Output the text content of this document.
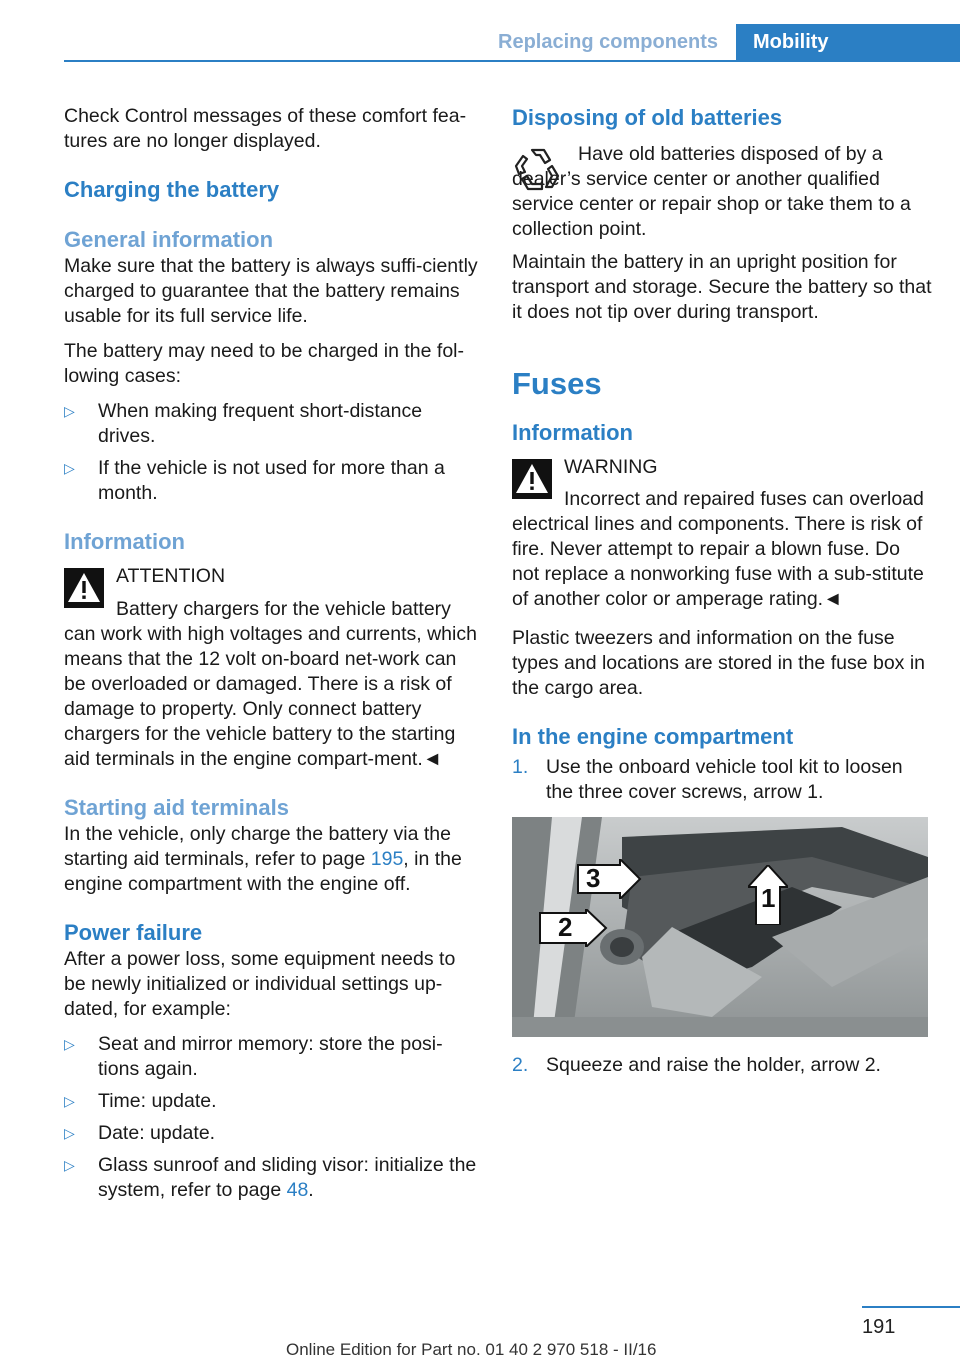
Replacing components	Mobility

Check Control messages of these comfort fea-tures are no longer displayed.

Charging the battery
General information

Make sure that the battery is always suffi-ciently charged to guarantee that the battery remains usable for its full service life.

The battery may need to be charged in the fol-lowing cases:

▷ When making frequent short-distance drives.
▷ If the vehicle is not used for more than a month.
Information

ATTENTION

Battery chargers for the vehicle battery can work with high voltages and currents, which means that the 12 volt on-board net-work can be overloaded or damaged. There is a risk of damage to property. Only connect battery chargers for the vehicle battery to the starting aid terminals in the engine compart-ment.◄

Starting aid terminals

In the vehicle, only charge the battery via the starting aid terminals, refer to page 195, in the engine compartment with the engine off.

Power failure

After a power loss, some equipment needs to be newly initialized or individual settings up-dated, for example:

▷ Seat and mirror memory: store the posi-tions again.
▷ Time: update.
▷ Date: update.
▷ Glass sunroof and sliding visor: initialize the system, refer to page 48.
Disposing of old batteries

Have old batteries disposed of by a dealer’s service center or another qualified service center or repair shop or take them to a collection point.

Maintain the battery in an upright position for transport and storage. Secure the battery so that it does not tip over during transport.

Fuses
Information

WARNING

Incorrect and repaired fuses can overload electrical lines and components. There is risk of fire. Never attempt to repair a blown fuse. Do not replace a nonworking fuse with a sub-stitute of another color or amperage rating.◄

Plastic tweezers and information on the fuse types and locations are stored in the fuse box in the cargo area.

In the engine compartment
1. Use the onboard vehicle tool kit to loosen the three cover screws, arrow 1.
3
2
1
2. Squeeze and raise the holder, arrow 2.
191
Online Edition for Part no. 01 40 2 970 518 - II/16
